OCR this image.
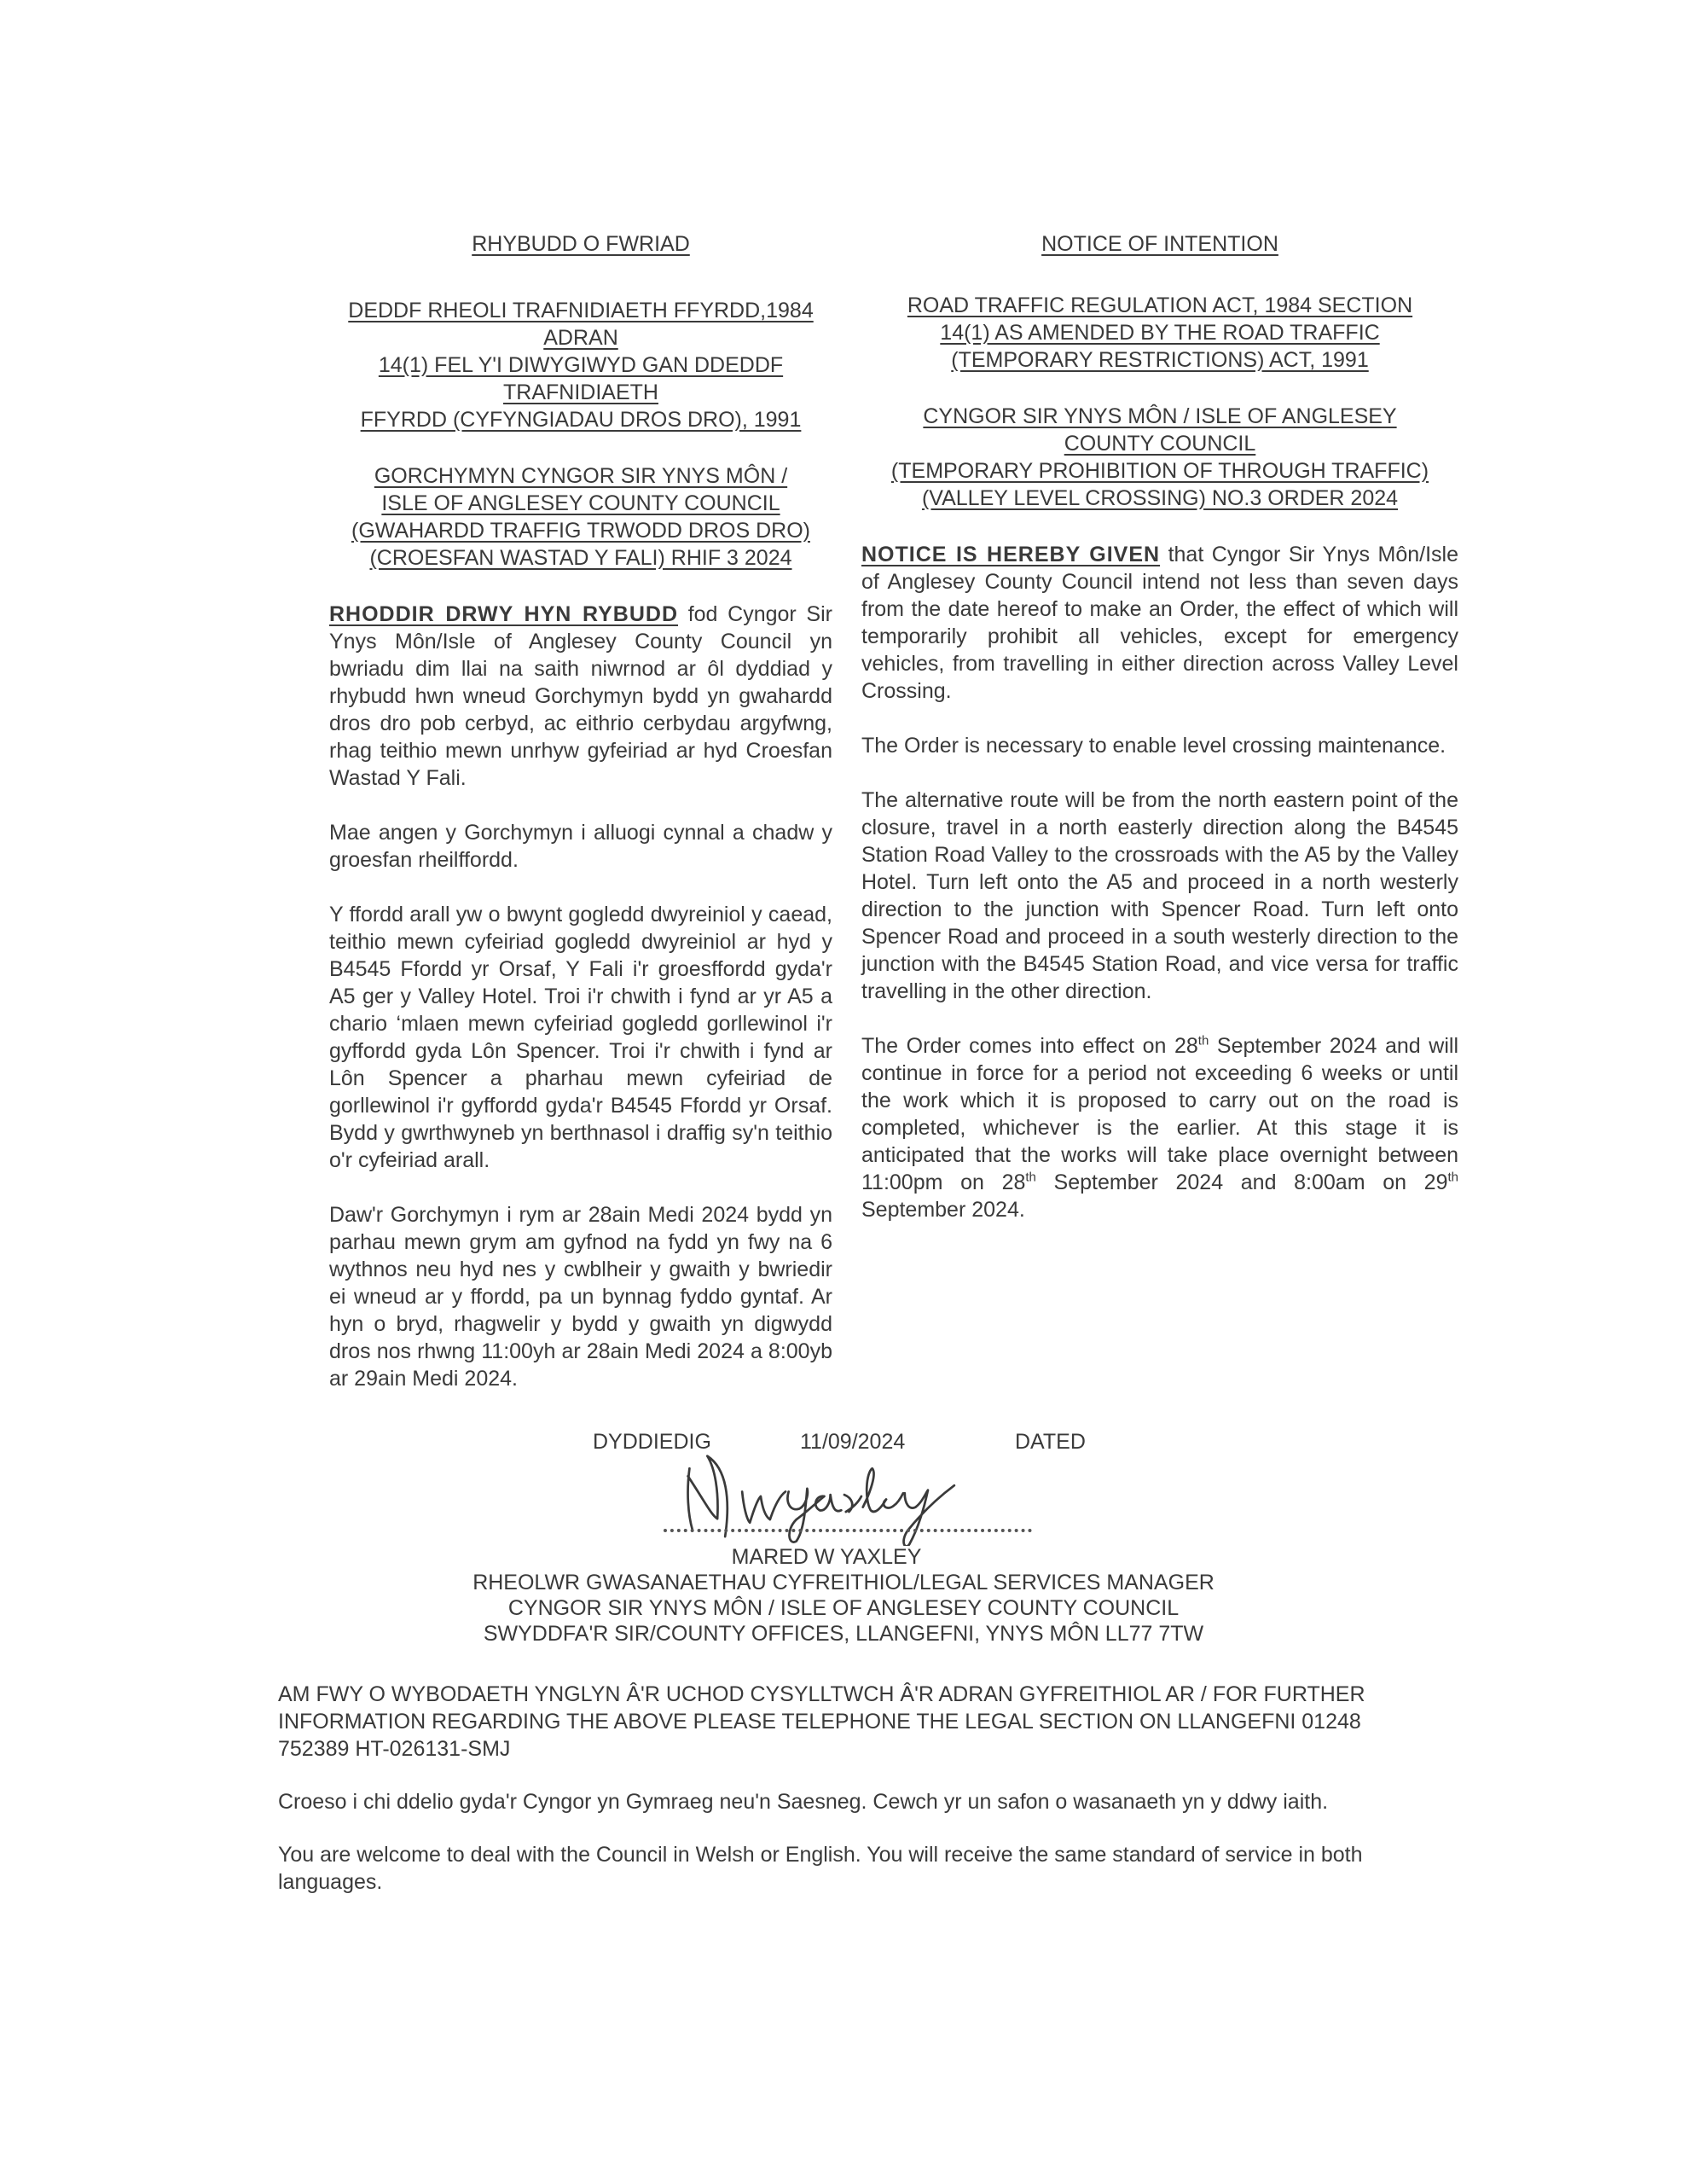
RHYBUDD O FWRIAD

DEDDF RHEOLI TRAFNIDIAETH FFYRDD,1984 ADRAN
14(1) FEL Y'I DIWYGIWYD GAN DDEDDF TRAFNIDIAETH
FFYRDD (CYFYNGIADAU DROS DRO), 1991
GORCHYMYN CYNGOR SIR YNYS MÔN /
ISLE OF ANGLESEY COUNTY COUNCIL
(GWAHARDD TRAFFIG TRWODD DROS DRO)
(CROESFAN WASTAD Y FALI) RHIF 3 2024

RHODDIR DRWY HYN RYBUDD fod Cyngor Sir Ynys Môn/Isle of Anglesey County Council yn bwriadu dim llai na saith niwrnod ar ôl dyddiad y rhybudd hwn wneud Gorchymyn bydd yn gwahardd dros dro pob cerbyd, ac eithrio cerbydau argyfwng, rhag teithio mewn unrhyw gyfeiriad ar hyd Croesfan Wastad Y Fali.

Mae angen y Gorchymyn i alluogi cynnal a chadw y groesfan rheilffordd.

Y ffordd arall yw o bwynt gogledd dwyreiniol y caead, teithio mewn cyfeiriad gogledd dwyreiniol ar hyd y B4545 Ffordd yr Orsaf, Y Fali i'r groesffordd gyda'r A5 ger y Valley Hotel. Troi i'r chwith i fynd ar yr A5 a chario ‘mlaen mewn cyfeiriad gogledd gorllewinol i'r gyffordd gyda Lôn Spencer. Troi i'r chwith i fynd ar Lôn Spencer a pharhau mewn cyfeiriad de gorllewinol i'r gyffordd gyda'r B4545 Ffordd yr Orsaf. Bydd y gwrthwyneb yn berthnasol i draffig sy'n teithio o'r cyfeiriad arall.

Daw'r Gorchymyn i rym ar 28ain Medi 2024 bydd yn parhau mewn grym am gyfnod na fydd yn fwy na 6 wythnos neu hyd nes y cwblheir y gwaith y bwriedir ei wneud ar y ffordd, pa un bynnag fyddo gyntaf. Ar hyn o bryd, rhagwelir y bydd y gwaith yn digwydd dros nos rhwng 11:00yh ar 28ain Medi 2024 a 8:00yb ar 29ain Medi 2024.

NOTICE OF INTENTION

ROAD TRAFFIC REGULATION ACT, 1984 SECTION
14(1) AS AMENDED BY THE ROAD TRAFFIC
(TEMPORARY RESTRICTIONS) ACT, 1991
CYNGOR SIR YNYS MÔN / ISLE OF ANGLESEY
COUNTY COUNCIL
(TEMPORARY PROHIBITION OF THROUGH TRAFFIC)
(VALLEY LEVEL CROSSING) NO.3 ORDER 2024

NOTICE IS HEREBY GIVEN that Cyngor Sir Ynys Môn/Isle of Anglesey County Council intend not less than seven days from the date hereof to make an Order, the effect of which will temporarily prohibit all vehicles, except for emergency vehicles, from travelling in either direction across Valley Level Crossing.

The Order is necessary to enable level crossing maintenance.

The alternative route will be from the north eastern point of the closure, travel in a north easterly direction along the B4545 Station Road Valley to the crossroads with the A5 by the Valley Hotel. Turn left onto the A5 and proceed in a north westerly direction to the junction with Spencer Road. Turn left onto Spencer Road and proceed in a south westerly direction to the junction with the B4545 Station Road, and vice versa for traffic travelling in the other direction.

The Order comes into effect on 28th September 2024 and will continue in force for a period not exceeding 6 weeks or until the work which it is proposed to carry out on the road is completed, whichever is the earlier. At this stage it is anticipated that the works will take place overnight between 11:00pm on 28th September 2024 and 8:00am on 29th September 2024.

DYDDIEDIG	11/09/2024	DATED
MARED W YAXLEY
RHEOLWR GWASANAETHAU CYFREITHIOL/LEGAL SERVICES MANAGER
CYNGOR SIR YNYS MÔN / ISLE OF ANGLESEY COUNTY COUNCIL
SWYDDFA'R SIR/COUNTY OFFICES, LLANGEFNI, YNYS MÔN LL77 7TW

AM FWY O WYBODAETH YNGLYN Â'R UCHOD CYSYLLTWCH Â'R ADRAN GYFREITHIOL AR / FOR FURTHER INFORMATION REGARDING THE ABOVE PLEASE TELEPHONE THE LEGAL SECTION ON LLANGEFNI 01248 752389 HT-026131-SMJ

Croeso i chi ddelio gyda'r Cyngor yn Gymraeg neu'n Saesneg. Cewch yr un safon o wasanaeth yn y ddwy iaith.

You are welcome to deal with the Council in Welsh or English. You will receive the same standard of service in both languages.
